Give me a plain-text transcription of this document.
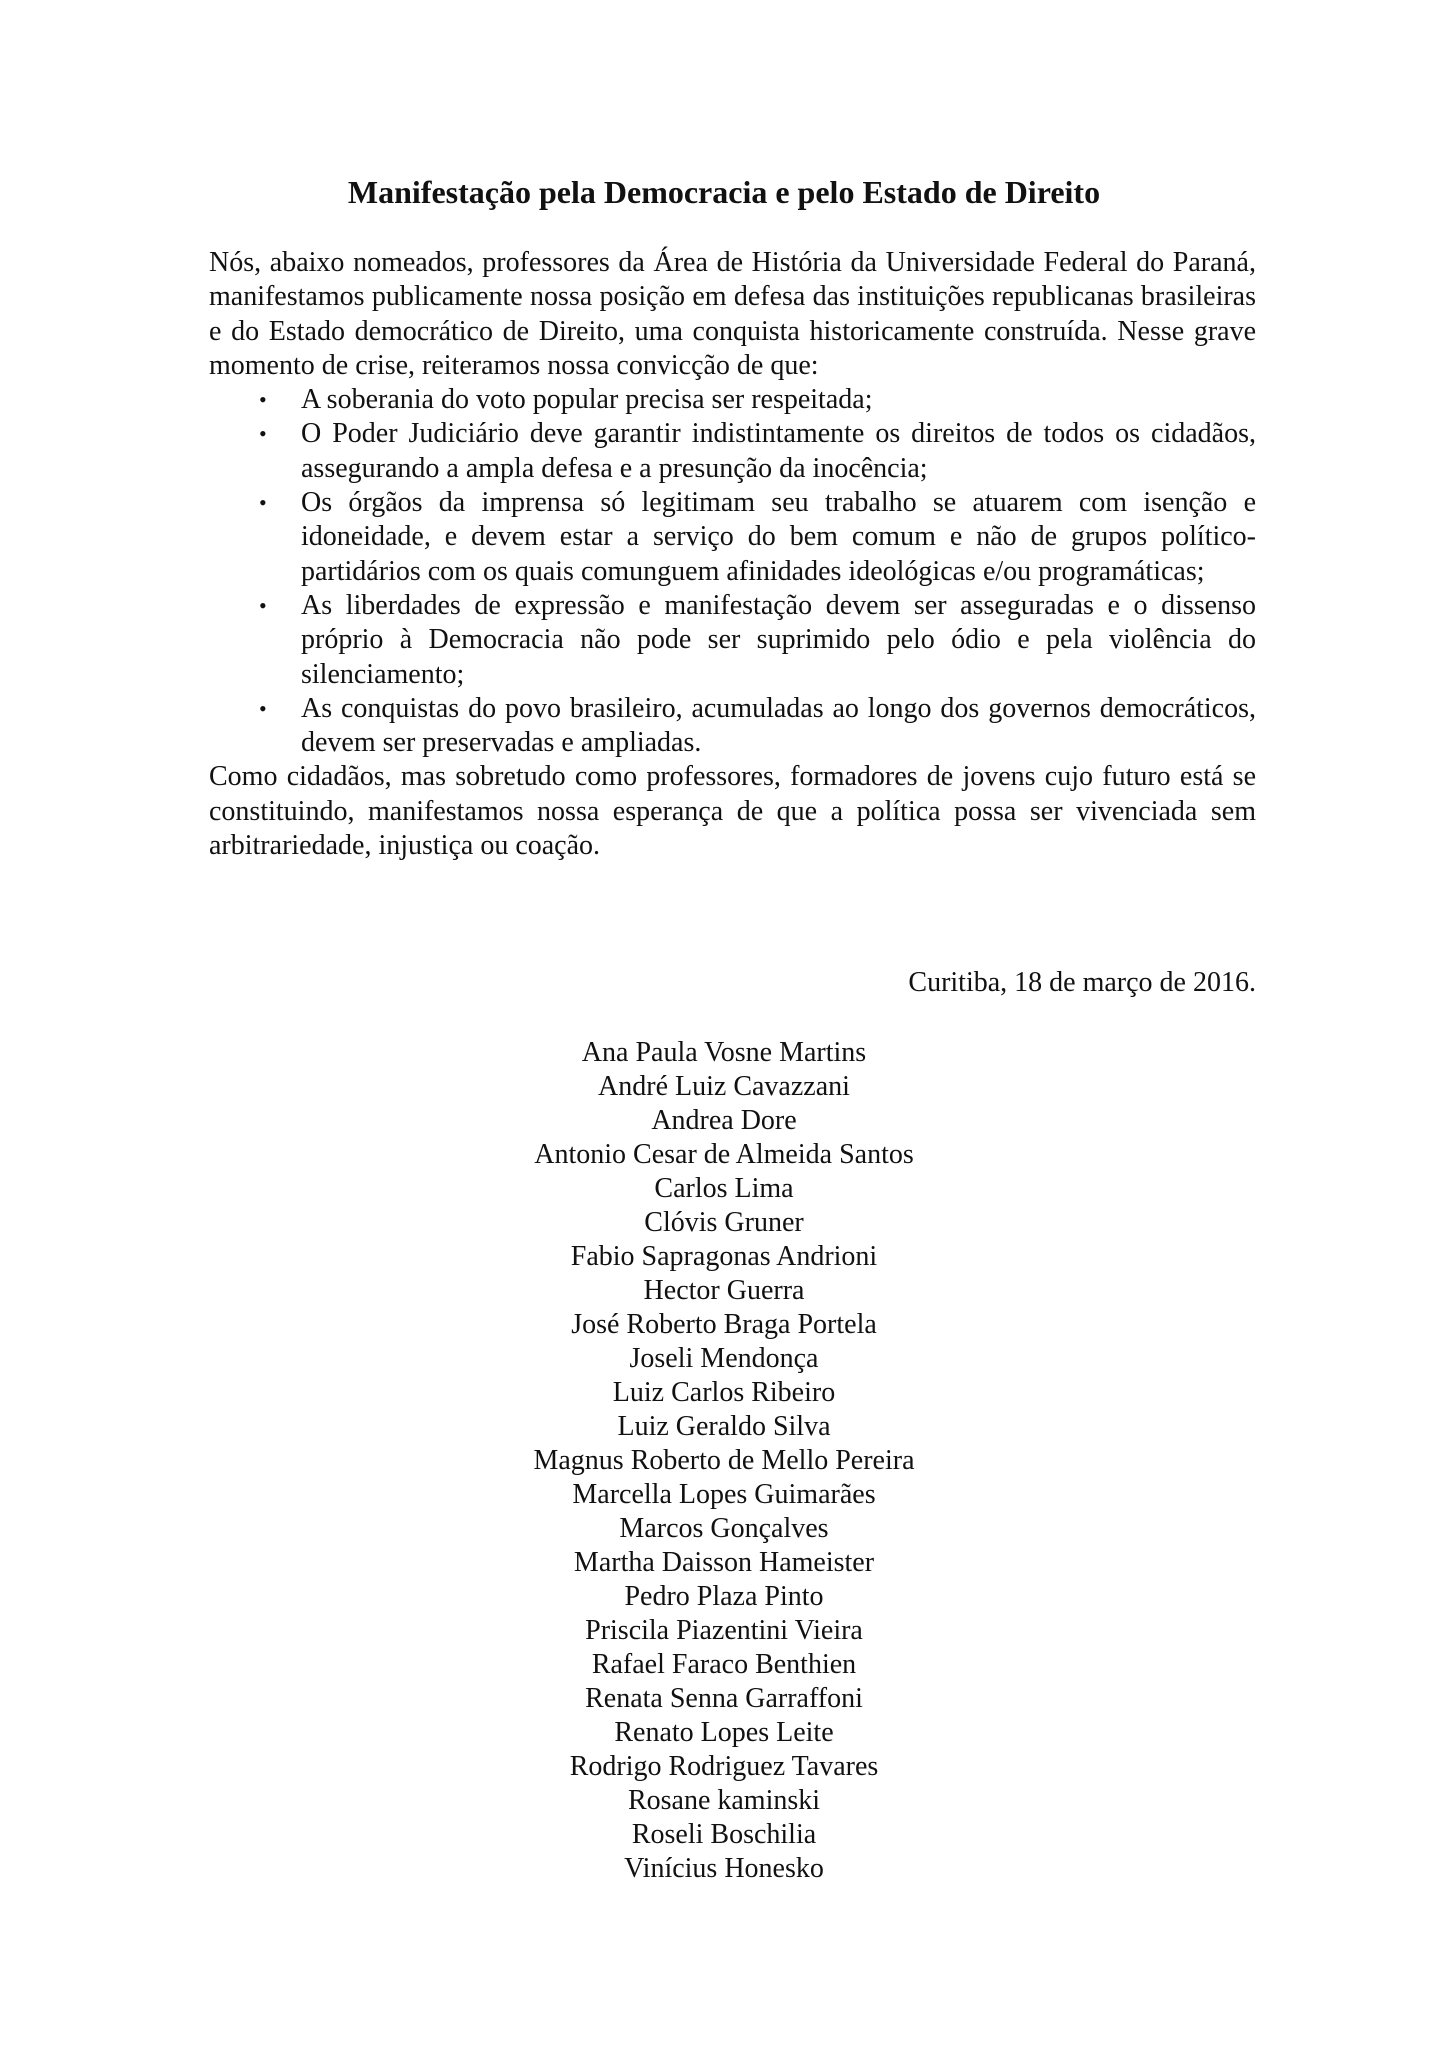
Manifestação pela Democracia e pelo Estado de Direito

Nós, abaixo nomeados, professores da Área de História da Universidade Federal do Paraná, manifestamos publicamente nossa posição em defesa das instituições republicanas brasileiras e do Estado democrático de Direito, uma conquista historicamente construída. Nesse grave momento de crise, reiteramos nossa convicção de que:

• A soberania do voto popular precisa ser respeitada;
• O Poder Judiciário deve garantir indistintamente os direitos de todos os cidadãos, assegurando a ampla defesa e a presunção da inocência;
• Os órgãos da imprensa só legitimam seu trabalho se atuarem com isenção e idoneidade, e devem estar a serviço do bem comum e não de grupos político-partidários com os quais comunguem afinidades ideológicas e/ou programáticas;
• As liberdades de expressão e manifestação devem ser asseguradas e o dissenso próprio à Democracia não pode ser suprimido pelo ódio e pela violência do silenciamento;
• As conquistas do povo brasileiro, acumuladas ao longo dos governos democráticos, devem ser preservadas e ampliadas.

Como cidadãos, mas sobretudo como professores, formadores de jovens cujo futuro está se constituindo, manifestamos nossa esperança de que a política possa ser vivenciada sem arbitrariedade, injustiça ou coação.

Curitiba, 18 de março de 2016.

Ana Paula Vosne Martins
André Luiz Cavazzani
Andrea Dore
Antonio Cesar de Almeida Santos
Carlos Lima
Clóvis Gruner
Fabio Sapragonas Andrioni
Hector Guerra
José Roberto Braga Portela
Joseli Mendonça
Luiz Carlos Ribeiro
Luiz Geraldo Silva
Magnus Roberto de Mello Pereira
Marcella Lopes Guimarães
Marcos Gonçalves
Martha Daisson Hameister
Pedro Plaza Pinto
Priscila Piazentini Vieira
Rafael Faraco Benthien
Renata Senna Garraffoni
Renato Lopes Leite
Rodrigo Rodriguez Tavares
Rosane kaminski
Roseli Boschilia
Vinícius Honesko
